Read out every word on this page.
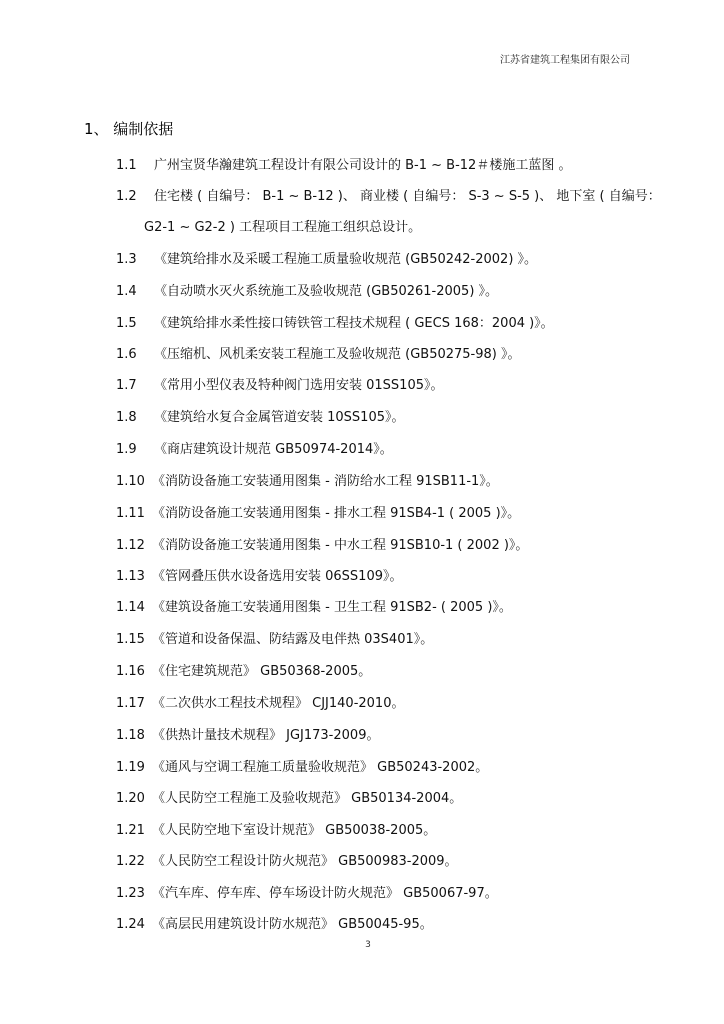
江苏省建筑工程集团有限公司
1、 编制依据
1.1 广州宝贤华瀚建筑工程设计有限公司设计的 B-1 ~ B-12＃楼施工蓝图 。
1.2 住宅楼 ( 自编号： B-1 ~ B-12 )、 商业楼 ( 自编号： S-3 ~ S-5 )、 地下室 ( 自编号：
G2-1 ~ G2-2 ) 工程项目工程施工组织总设计。
1.3 《建筑给排水及采暖工程施工质量验收规范 (GB50242-2002) 》。
1.4 《自动喷水灭火系统施工及验收规范 (GB50261-2005) 》。
1.5 《建筑给排水柔性接口铸铁管工程技术规程 ( GECS 168：2004 )》。
1.6 《压缩机、风机柔安装工程施工及验收规范 (GB50275-98) 》。
1.7 《常用小型仪表及特种阀门选用安装 01SS105》。
1.8 《建筑给水复合金属管道安装 10SS105》。
1.9 《商店建筑设计规范 GB50974-2014》。
1.10 《消防设备施工安装通用图集 - 消防给水工程 91SB11-1》。
1.11 《消防设备施工安装通用图集 - 排水工程 91SB4-1 ( 2005 )》。
1.12 《消防设备施工安装通用图集 - 中水工程 91SB10-1 ( 2002 )》。
1.13 《管网叠压供水设备选用安装 06SS109》。
1.14 《建筑设备施工安装通用图集 - 卫生工程 91SB2- ( 2005 )》。
1.15 《管道和设备保温、防结露及电伴热 03S401》。
1.16 《住宅建筑规范》 GB50368-2005。
1.17 《二次供水工程技术规程》 CJJ140-2010。
1.18 《供热计量技术规程》 JGJ173-2009。
1.19 《通风与空调工程施工质量验收规范》 GB50243-2002。
1.20 《人民防空工程施工及验收规范》 GB50134-2004。
1.21 《人民防空地下室设计规范》 GB50038-2005。
1.22 《人民防空工程设计防火规范》 GB500983-2009。
1.23 《汽车库、停车库、停车场设计防火规范》 GB50067-97。
1.24 《高层民用建筑设计防水规范》 GB50045-95。
3
